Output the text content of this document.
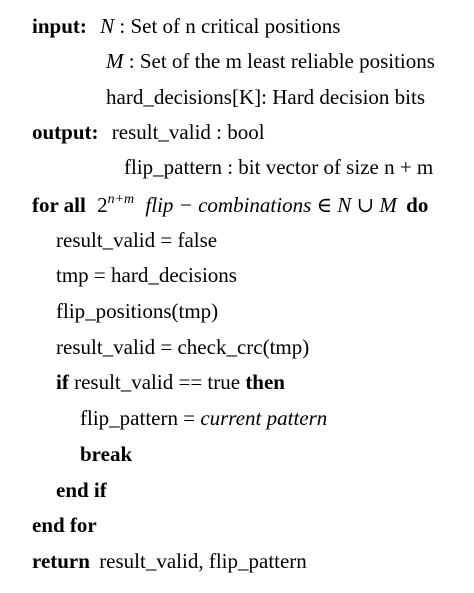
input: N : Set of n critical positions
M : Set of the m least reliable positions
hard_decisions[K]: Hard decision bits
output: result_valid : bool
flip_pattern : bit vector of size n + m
for all $2^{n+m}$ flip − combinations ∈ N ∪ M do
result_valid = false
tmp = hard_decisions
flip_positions(tmp)
result_valid = check_crc(tmp)
if result_valid == true then
flip_pattern = current pattern
break
end if
end for
return result_valid, flip_pattern
